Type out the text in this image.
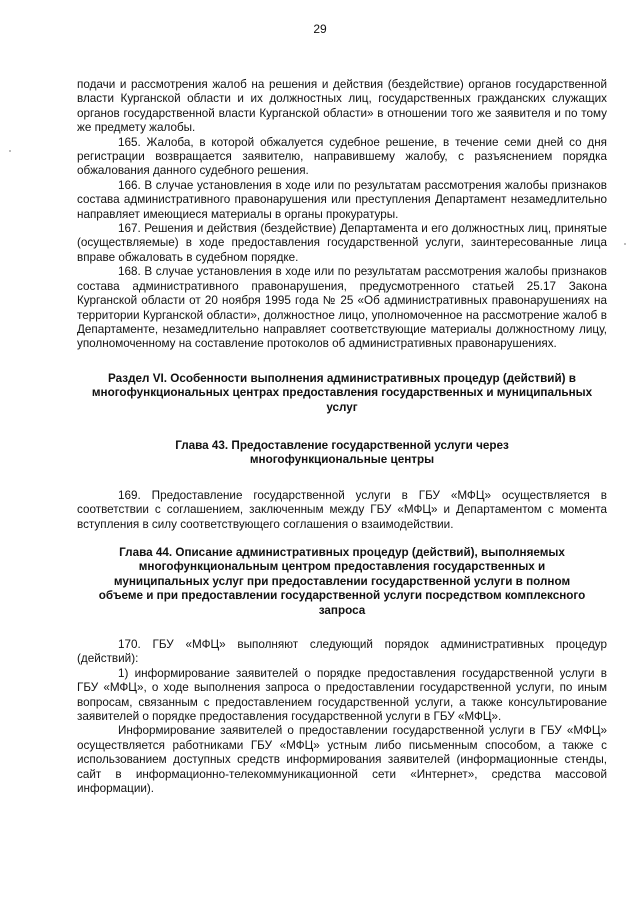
29

подачи и рассмотрения жалоб на решения и действия (бездействие) органов государственной власти Курганской области и их должностных лиц, государственных гражданских служащих органов государственной власти Курганской области» в отношении того же заявителя и по тому же предмету жалобы.

165. Жалоба, в которой обжалуется судебное решение, в течение семи дней со дня регистрации возвращается заявителю, направившему жалобу, с разъяснением порядка обжалования данного судебного решения.

166. В случае установления в ходе или по результатам рассмотрения жалобы признаков состава административного правонарушения или преступления Департамент незамедлительно направляет имеющиеся материалы в органы прокуратуры.

167. Решения и действия (бездействие) Департамента и его должностных лиц, принятые (осуществляемые) в ходе предоставления государственной услуги, заинтересованные лица вправе обжаловать в судебном порядке.

168. В случае установления в ходе или по результатам рассмотрения жалобы признаков состава административного правонарушения, предусмотренного статьей 25.17 Закона Курганской области от 20 ноября 1995 года № 25 «Об административных правонарушениях на территории Курганской области», должностное лицо, уполномоченное на рассмотрение жалоб в Департаменте, незамедлительно направляет соответствующие материалы должностному лицу, уполномоченному на составление протоколов об административных правонарушениях.

Раздел VI. Особенности выполнения административных процедур (действий) в многофункциональных центрах предоставления государственных и муниципальных услуг
Глава 43. Предоставление государственной услуги через многофункциональные центры

169. Предоставление государственной услуги в ГБУ «МФЦ» осуществляется в соответствии с соглашением, заключенным между ГБУ «МФЦ» и Департаментом с момента вступления в силу соответствующего соглашения о взаимодействии.

Глава 44. Описание административных процедур (действий), выполняемых многофункциональным центром предоставления государственных и муниципальных услуг при предоставлении государственной услуги в полном объеме и при предоставлении государственной услуги посредством комплексного запроса

170. ГБУ «МФЦ» выполняют следующий порядок административных процедур (действий):

1) информирование заявителей о порядке предоставления государственной услуги в ГБУ «МФЦ», о ходе выполнения запроса о предоставлении государственной услуги, по иным вопросам, связанным с предоставлением государственной услуги, а также консультирование заявителей о порядке предоставления государственной услуги в ГБУ «МФЦ».

Информирование заявителей о предоставлении государственной услуги в ГБУ «МФЦ» осуществляется работниками ГБУ «МФЦ» устным либо письменным способом, а также с использованием доступных средств информирования заявителей (информационные стенды, сайт в информационно-телекоммуникационной сети «Интернет», средства массовой информации).
